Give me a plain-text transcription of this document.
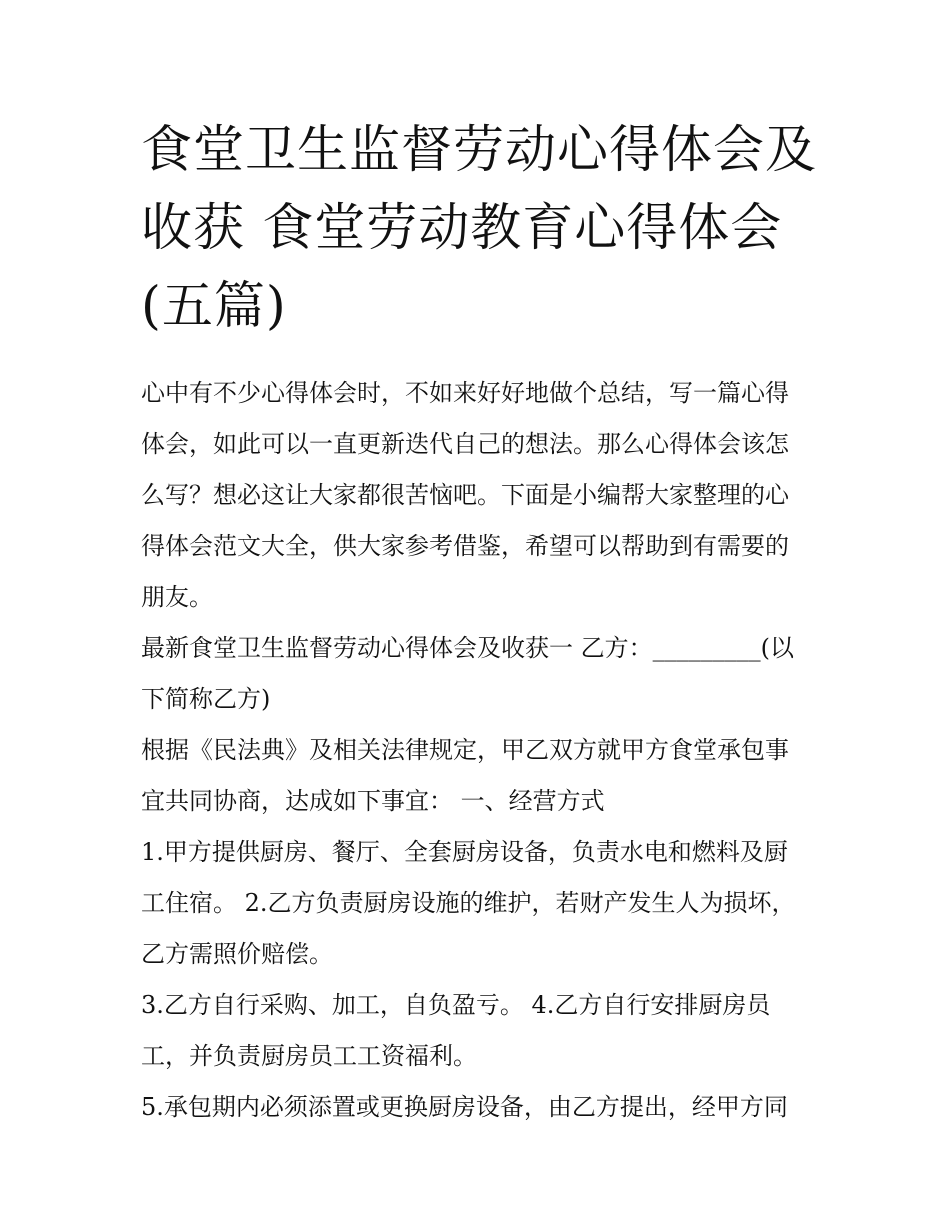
食堂卫生监督劳动心得体会及
收获 食堂劳动教育心得体会
(五篇)

心中有不少心得体会时，不如来好好地做个总结，写一篇心得
体会，如此可以一直更新迭代自己的想法。那么心得体会该怎
么写？想必这让大家都很苦恼吧。下面是小编帮大家整理的心
得体会范文大全，供大家参考借鉴，希望可以帮助到有需要的
朋友。

最新食堂卫生监督劳动心得体会及收获一 乙方：_________(以
下简称乙方)

根据《民法典》及相关法律规定，甲乙双方就甲方食堂承包事
宜共同协商，达成如下事宜： 一、经营方式

1.甲方提供厨房、餐厅、全套厨房设备，负责水电和燃料及厨
工住宿。 2.乙方负责厨房设施的维护，若财产发生人为损坏，
乙方需照价赔偿。

3.乙方自行采购、加工，自负盈亏。 4.乙方自行安排厨房员
工，并负责厨房员工工资福利。

5.承包期内必须添置或更换厨房设备，由乙方提出，经甲方同
